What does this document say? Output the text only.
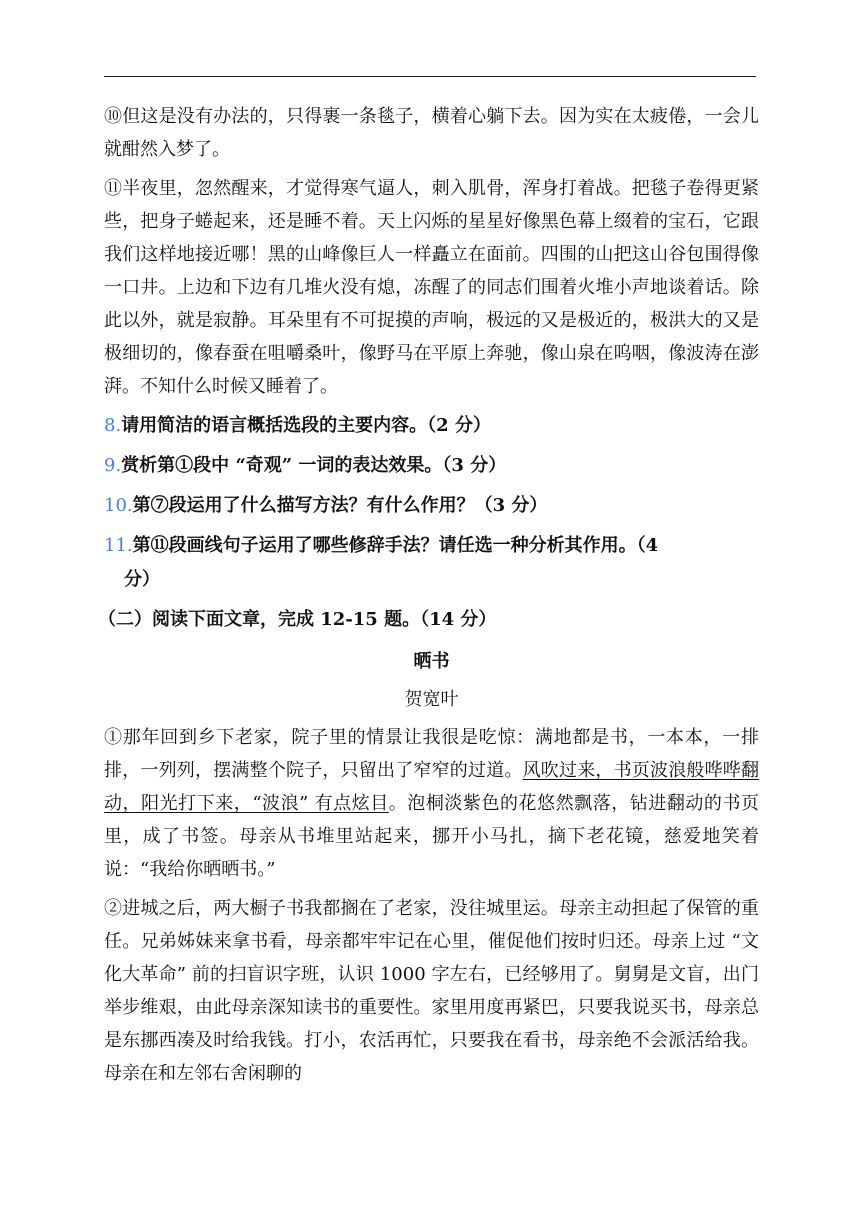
⑩但这是没有办法的，只得裹一条毯子，横着心躺下去。因为实在太疲倦，一会儿就酣然入梦了。

⑪半夜里，忽然醒来，才觉得寒气逼人，刺入肌骨，浑身打着战。把毯子卷得更紧些，把身子蜷起来，还是睡不着。天上闪烁的星星好像黑色幕上缀着的宝石，它跟我们这样地接近哪！黑的山峰像巨人一样矗立在面前。四围的山把这山谷包围得像一口井。上边和下边有几堆火没有熄，冻醒了的同志们围着火堆小声地谈着话。除此以外，就是寂静。耳朵里有不可捉摸的声响，极远的又是极近的，极洪大的又是极细切的，像春蚕在咀嚼桑叶，像野马在平原上奔驰，像山泉在呜咽，像波涛在澎湃。不知什么时候又睡着了。

8.请用简洁的语言概括选段的主要内容。（2 分）
9.赏析第①段中 “奇观” 一词的表达效果。（3 分）
10.第⑦段运用了什么描写方法？有什么作用？（3 分）
11.第⑪段画线句子运用了哪些修辞手法？请任选一种分析其作用。（4
分）
（二）阅读下面文章，完成 12-15 题。（14 分）
晒书
贺宽叶

①那年回到乡下老家，院子里的情景让我很是吃惊：满地都是书，一本本，一排排，一列列，摆满整个院子，只留出了窄窄的过道。风吹过来，书页波浪般哗哗翻动，阳光打下来，“波浪” 有点炫目。泡桐淡紫色的花悠然飘落，钻进翻动的书页里，成了书签。母亲从书堆里站起来，挪开小马扎，摘下老花镜，慈爱地笑着说：“我给你晒晒书。”

②进城之后，两大橱子书我都搁在了老家，没往城里运。母亲主动担起了保管的重任。兄弟姊妹来拿书看，母亲都牢牢记在心里，催促他们按时归还。母亲上过 “文化大革命” 前的扫盲识字班，认识 1000 字左右，已经够用了。舅舅是文盲，出门举步维艰，由此母亲深知读书的重要性。家里用度再紧巴，只要我说买书，母亲总是东挪西凑及时给我钱。打小，农活再忙，只要我在看书，母亲绝不会派活给我。母亲在和左邻右舍闲聊的
